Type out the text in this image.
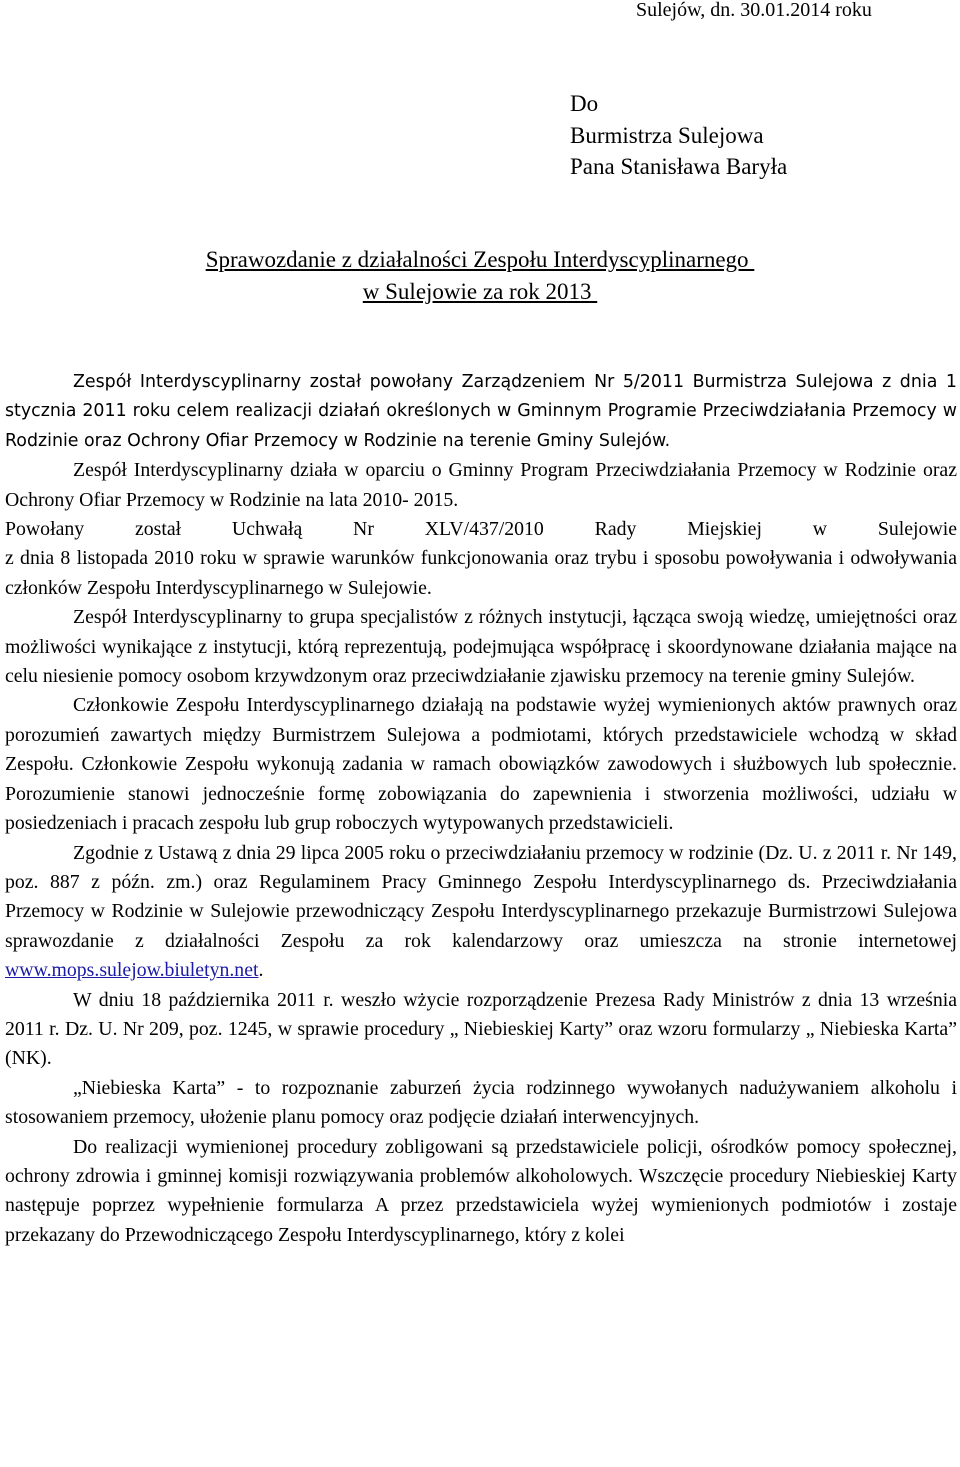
Sulejów, dn. 30.01.2014 roku
Do
Burmistrza Sulejowa
Pana Stanisława Baryła
Sprawozdanie z działalności Zespołu Interdyscyplinarnego
w Sulejowie za rok 2013

Zespół Interdyscyplinarny został powołany Zarządzeniem Nr 5/2011 Burmistrza Sulejowa z dnia 1 stycznia 2011 roku celem realizacji działań określonych w Gminnym Programie Przeciwdziałania Przemocy w Rodzinie oraz Ochrony Ofiar Przemocy w Rodzinie na terenie Gminy Sulejów.

Zespół Interdyscyplinarny działa w oparciu o Gminny Program Przeciwdziałania Przemocy w Rodzinie oraz Ochrony Ofiar Przemocy w Rodzinie na lata 2010- 2015.

Powołany został Uchwałą Nr XLV/437/2010 Rady Miejskiej w Sulejowie

z dnia 8 listopada 2010 roku w sprawie warunków funkcjonowania oraz trybu i sposobu powoływania i odwoływania członków Zespołu Interdyscyplinarnego w Sulejowie.

Zespół Interdyscyplinarny to grupa specjalistów z różnych instytucji, łącząca swoją wiedzę, umiejętności oraz możliwości wynikające z instytucji, którą reprezentują, podejmująca współpracę i skoordynowane działania mające na celu niesienie pomocy osobom krzywdzonym oraz przeciwdziałanie zjawisku przemocy na terenie gminy Sulejów.

Członkowie Zespołu Interdyscyplinarnego działają na podstawie wyżej wymienionych aktów prawnych oraz porozumień zawartych między Burmistrzem Sulejowa a podmiotami, których przedstawiciele wchodzą w skład Zespołu. Członkowie Zespołu wykonują zadania w ramach obowiązków zawodowych i służbowych lub społecznie. Porozumienie stanowi jednocześnie formę zobowiązania do zapewnienia i stworzenia możliwości, udziału w posiedzeniach i pracach zespołu lub grup roboczych wytypowanych przedstawicieli.

Zgodnie z Ustawą z dnia 29 lipca 2005 roku o przeciwdziałaniu przemocy w rodzinie (Dz. U. z 2011 r. Nr 149, poz. 887 z późn. zm.) oraz Regulaminem Pracy Gminnego Zespołu Interdyscyplinarnego ds. Przeciwdziałania Przemocy w Rodzinie w Sulejowie przewodniczący Zespołu Interdyscyplinarnego przekazuje Burmistrzowi Sulejowa sprawozdanie z działalności Zespołu za rok kalendarzowy oraz umieszcza na stronie internetowej www.mops.sulejow.biuletyn.net.

W dniu 18 października 2011 r. weszło wżycie rozporządzenie Prezesa Rady Ministrów z dnia 13 września 2011 r. Dz. U. Nr 209, poz. 1245, w sprawie procedury „ Niebieskiej Karty” oraz wzoru formularzy „ Niebieska Karta” (NK).

„Niebieska Karta” - to rozpoznanie zaburzeń życia rodzinnego wywołanych nadużywaniem alkoholu i stosowaniem przemocy, ułożenie planu pomocy oraz podjęcie działań interwencyjnych.

Do realizacji wymienionej procedury zobligowani są przedstawiciele policji, ośrodków pomocy społecznej, ochrony zdrowia i gminnej komisji rozwiązywania problemów alkoholowych. Wszczęcie procedury Niebieskiej Karty następuje poprzez wypełnienie formularza A przez przedstawiciela wyżej wymienionych podmiotów i zostaje przekazany do Przewodniczącego Zespołu Interdyscyplinarnego, który z kolei
